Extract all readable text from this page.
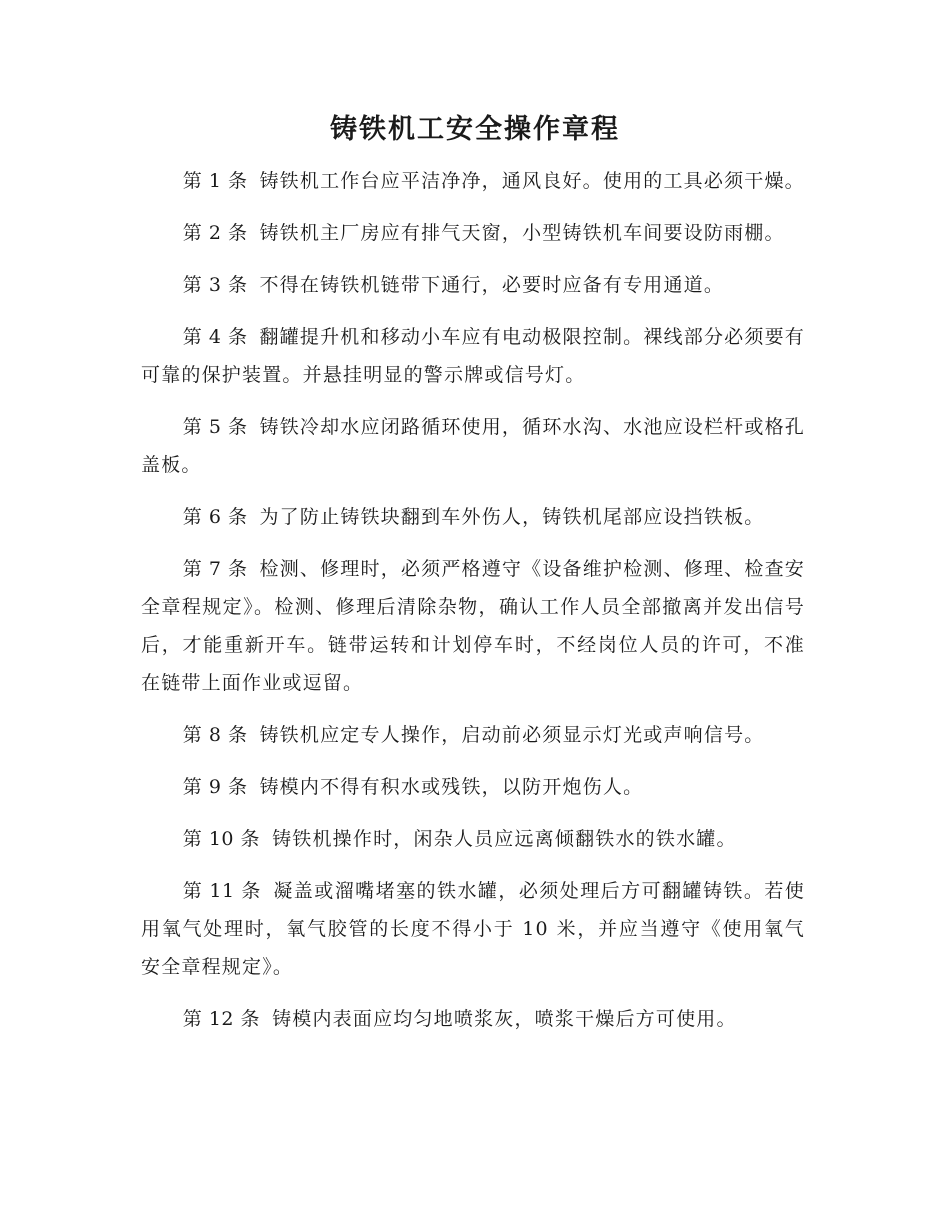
铸铁机工安全操作章程

第 1 条 铸铁机工作台应平洁净净，通风良好。使用的工具必须干燥。

第 2 条 铸铁机主厂房应有排气天窗，小型铸铁机车间要设防雨棚。

第 3 条 不得在铸铁机链带下通行，必要时应备有专用通道。

第 4 条 翻罐提升机和移动小车应有电动极限控制。裸线部分必须要有可靠的保护装置。并悬挂明显的警示牌或信号灯。

第 5 条 铸铁冷却水应闭路循环使用，循环水沟、水池应设栏杆或格孔盖板。

第 6 条 为了防止铸铁块翻到车外伤人，铸铁机尾部应设挡铁板。

第 7 条 检测、修理时，必须严格遵守《设备维护检测、修理、检查安全章程规定》。检测、修理后清除杂物，确认工作人员全部撤离并发出信号后，才能重新开车。链带运转和计划停车时，不经岗位人员的许可，不准在链带上面作业或逗留。

第 8 条 铸铁机应定专人操作，启动前必须显示灯光或声响信号。

第 9 条 铸模内不得有积水或残铁，以防开炮伤人。

第 10 条 铸铁机操作时，闲杂人员应远离倾翻铁水的铁水罐。

第 11 条 凝盖或溜嘴堵塞的铁水罐，必须处理后方可翻罐铸铁。若使用氧气处理时，氧气胶管的长度不得小于 10 米，并应当遵守《使用氧气安全章程规定》。

第 12 条 铸模内表面应均匀地喷浆灰，喷浆干燥后方可使用。
